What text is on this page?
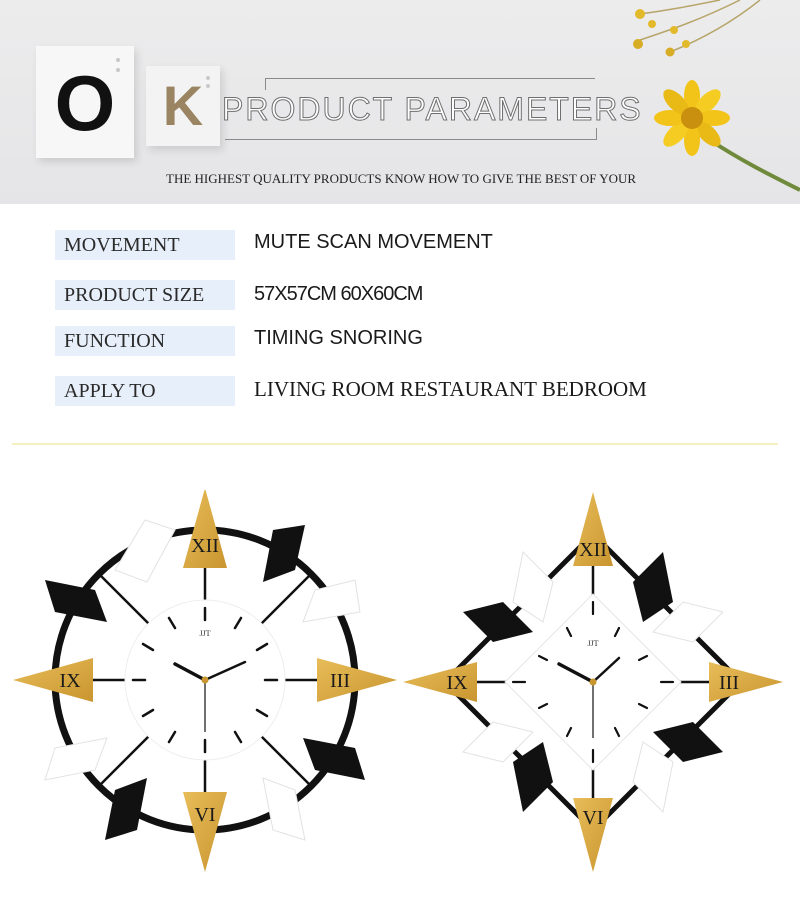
O K PRODUCT PARAMETERS
THE HIGHEST QUALITY PRODUCTS KNOW HOW TO GIVE THE BEST OF YOUR
MOVEMENT	MUTE SCAN MOVEMENT
PRODUCT SIZE 57X57CM 60X60CM
FUNCTION	TIMING SNORING
APPLY TO	LIVING ROOM RESTAURANT BEDROOM
XII
III
VI
IX
JJT
XII
III
VI
IX
JJT
